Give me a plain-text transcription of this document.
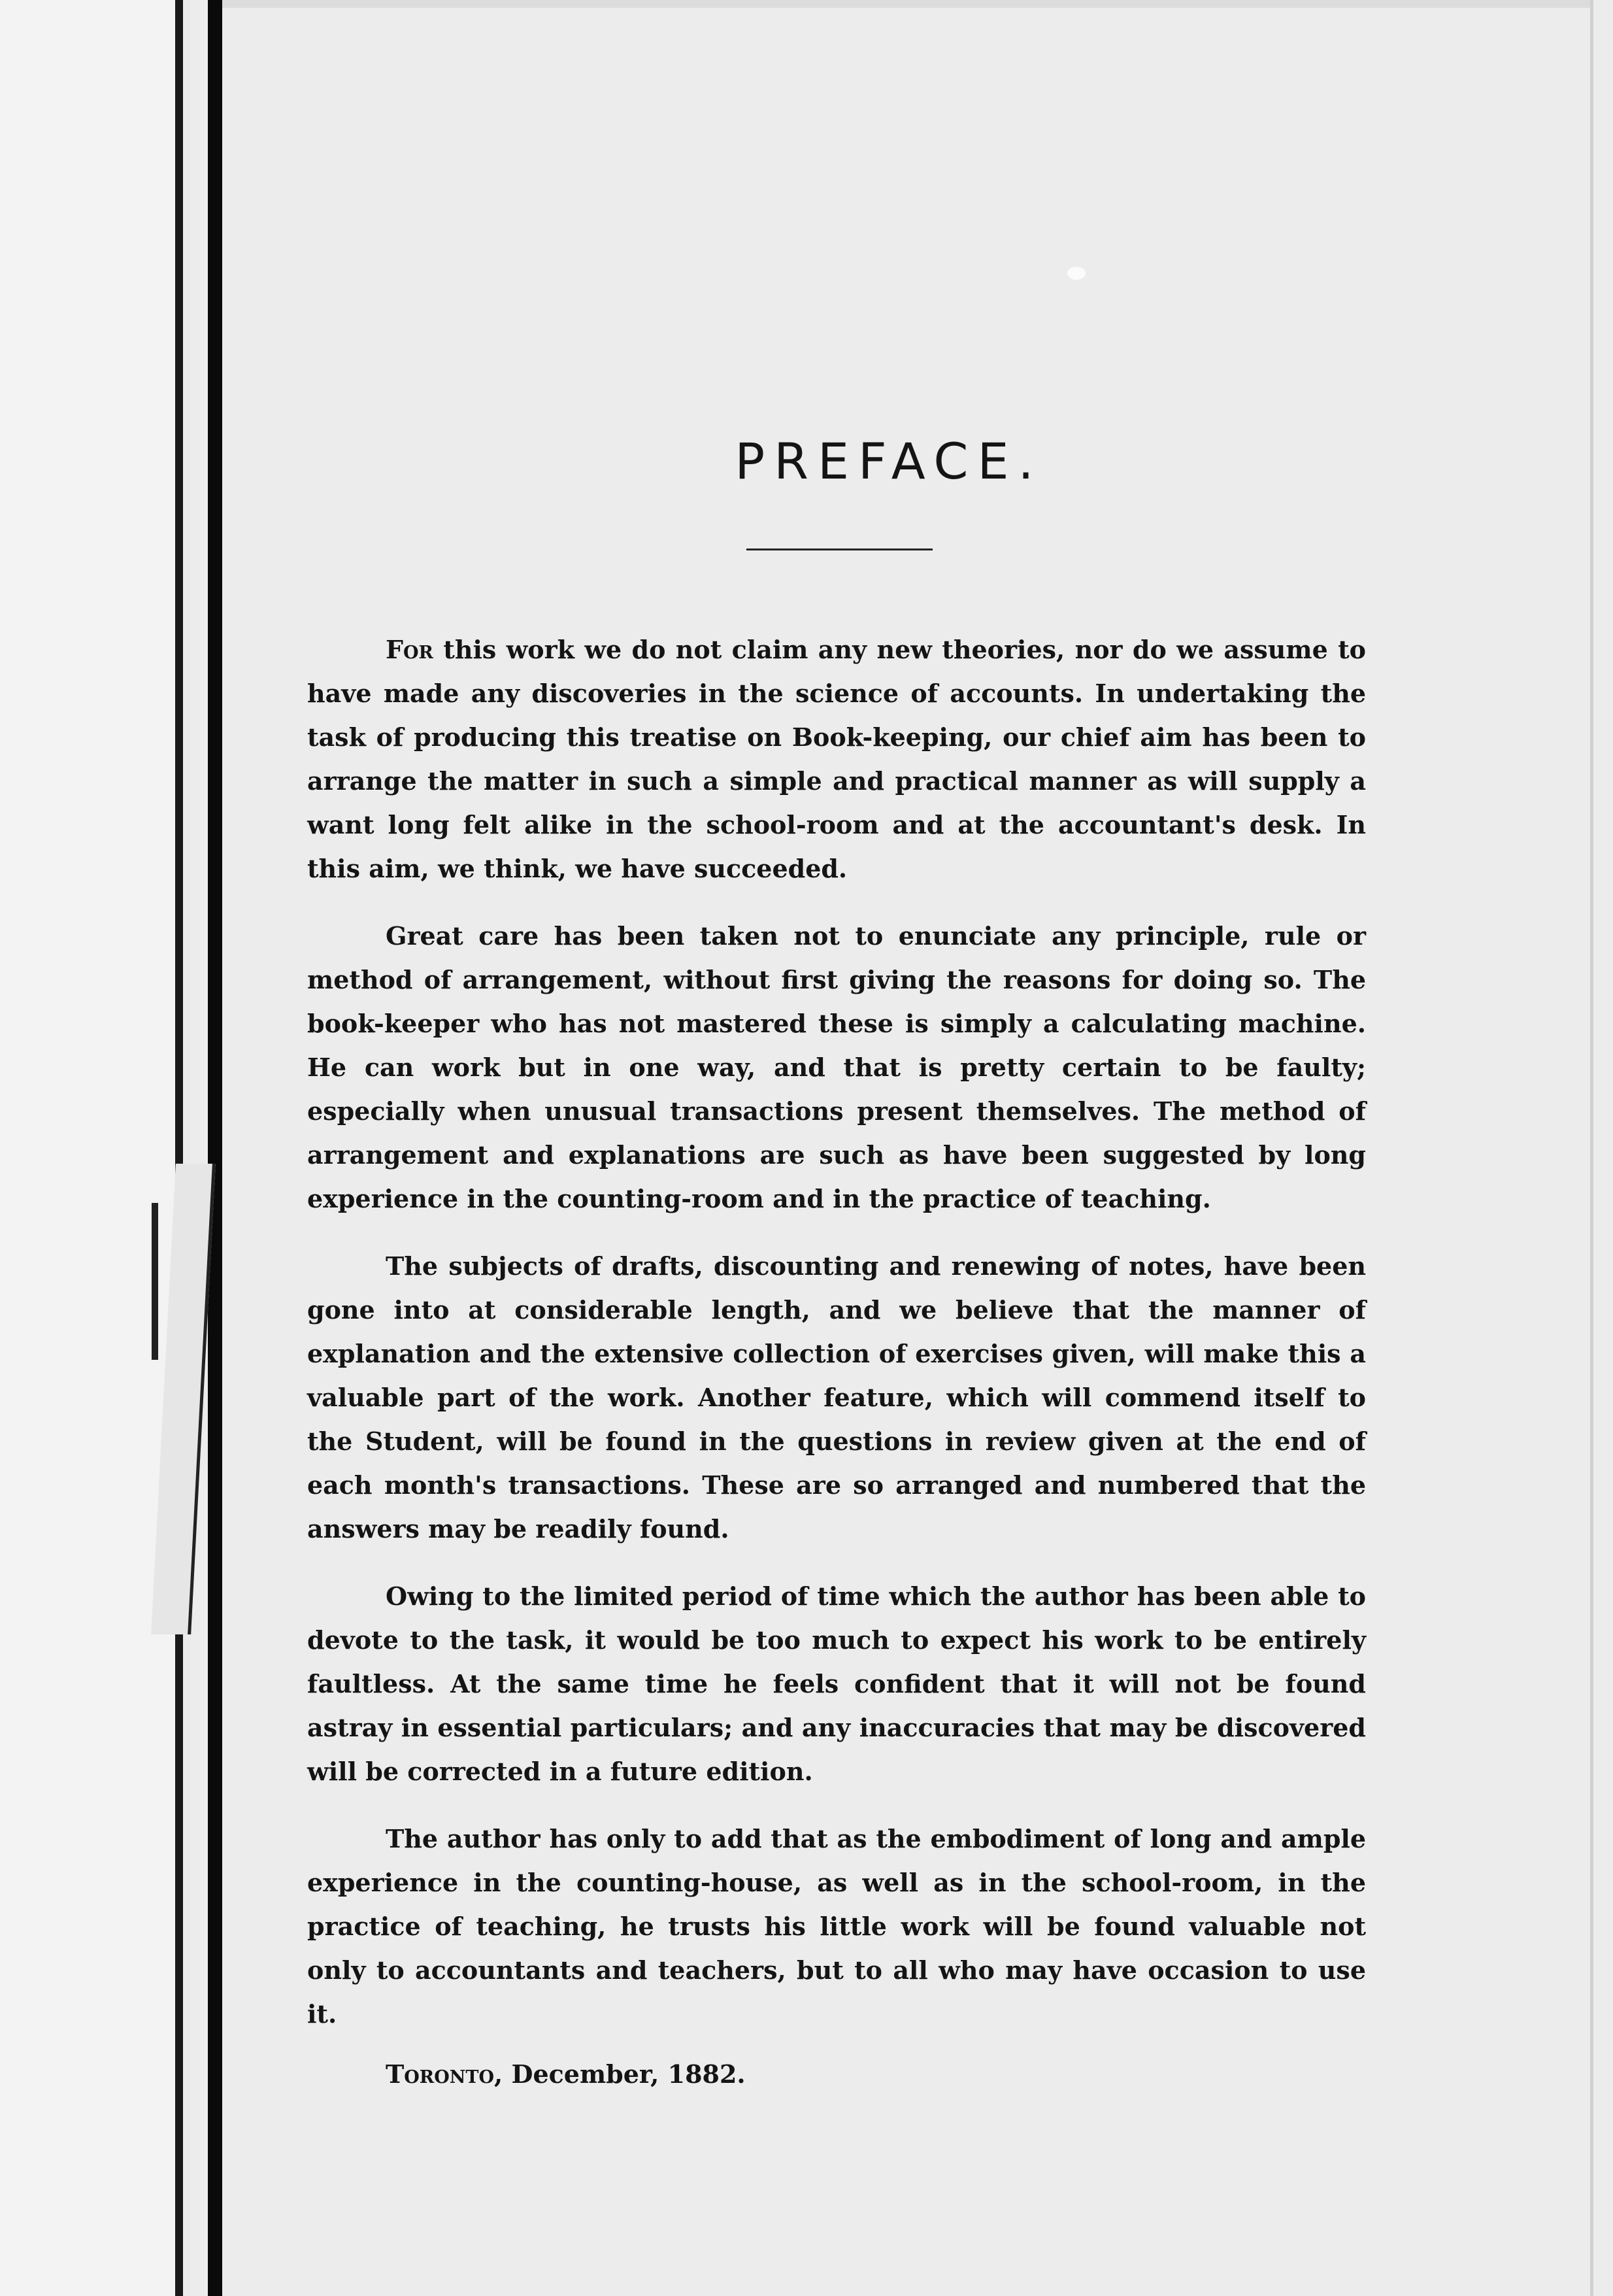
PREFACE.

For this work we do not claim any new theories, nor do we assume to have made any discoveries in the science of accounts. In undertaking the task of producing this treatise on Book-keeping, our chief aim has been to arrange the matter in such a simple and practical manner as will supply a want long felt alike in the school-room and at the accountant's desk. In this aim, we think, we have succeeded.

Great care has been taken not to enunciate any principle, rule or method of arrangement, without first giving the reasons for doing so. The book-keeper who has not mastered these is simply a calculating machine. He can work but in one way, and that is pretty certain to be faulty; especially when unusual transactions present themselves. The method of arrangement and explanations are such as have been suggested by long experience in the counting-room and in the practice of teaching.

The subjects of drafts, discounting and renewing of notes, have been gone into at considerable length, and we believe that the manner of explanation and the extensive collection of exercises given, will make this a valuable part of the work. Another feature, which will commend itself to the Student, will be found in the questions in review given at the end of each month's transactions. These are so arranged and numbered that the answers may be readily found.

Owing to the limited period of time which the author has been able to devote to the task, it would be too much to expect his work to be entirely faultless. At the same time he feels confident that it will not be found astray in essential particulars; and any inaccuracies that may be discovered will be corrected in a future edition.

The author has only to add that as the embodiment of long and ample experience in the counting-house, as well as in the school-room, in the practice of teaching, he trusts his little work will be found valuable not only to accountants and teachers, but to all who may have occasion to use it.

Toronto, December, 1882.
